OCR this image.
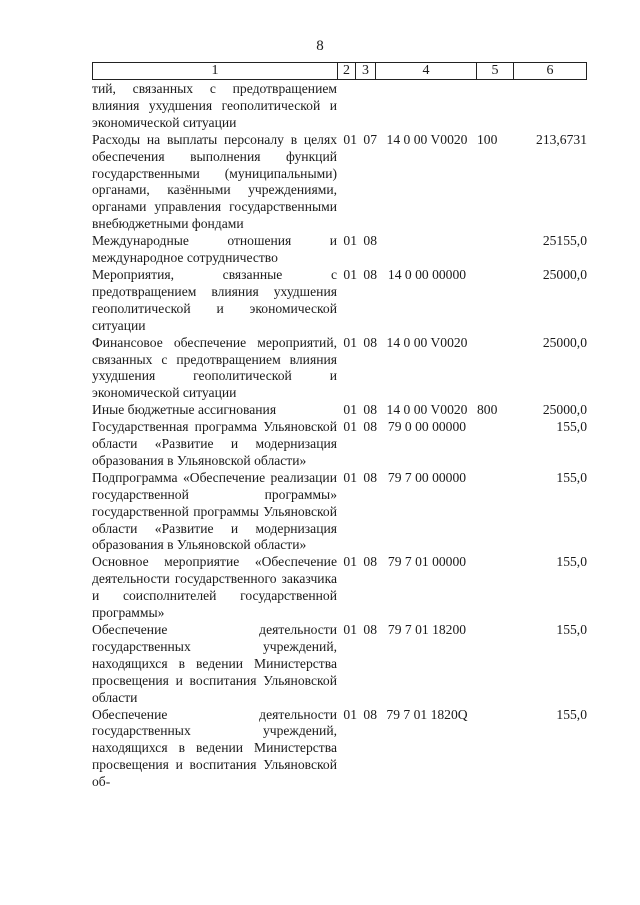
8
1	2 3	4	5	6
тий, связанных с предотвращением влияния ухудшения геополитической и экономической ситуации					
Расходы на выплаты персоналу в целях обеспечения выполнения функций государственными (муниципальными) органами, казёнными учреждениями, органами управления государственными внебюджетными фондами	01	07	14 0 00 V0020	100	213,6731
Международные отношения и международное сотрудничество	01	08			25155,0
Мероприятия, связанные с предотвращением влияния ухудшения геополитической и экономической ситуации	01	08	14 0 00 00000		25000,0
Финансовое обеспечение мероприятий, связанных с предотвращением влияния ухудшения геополитической и экономической ситуации	01	08	14 0 00 V0020		25000,0
Иные бюджетные ассигнования	01	08	14 0 00 V0020	800	25000,0
Государственная программа Ульяновской области «Развитие и модернизация образования в Ульяновской области»	01	08	79 0 00 00000		155,0
Подпрограмма «Обеспечение реализации государственной программы» государственной программы Ульяновской области «Развитие и модернизация образования в Ульяновской области»	01	08	79 7 00 00000		155,0
Основное мероприятие «Обеспечение деятельности государственного заказчика и соисполнителей государственной программы»	01	08	79 7 01 00000		155,0
Обеспечение деятельности государственных учреждений, находящихся в ведении Министерства просвещения и воспитания Ульяновской области	01	08	79 7 01 18200		155,0
Обеспечение деятельности государственных учреждений, находящихся в ведении Министерства просвещения и воспитания Ульяновской об-	01	08	79 7 01 1820Q		155,0
